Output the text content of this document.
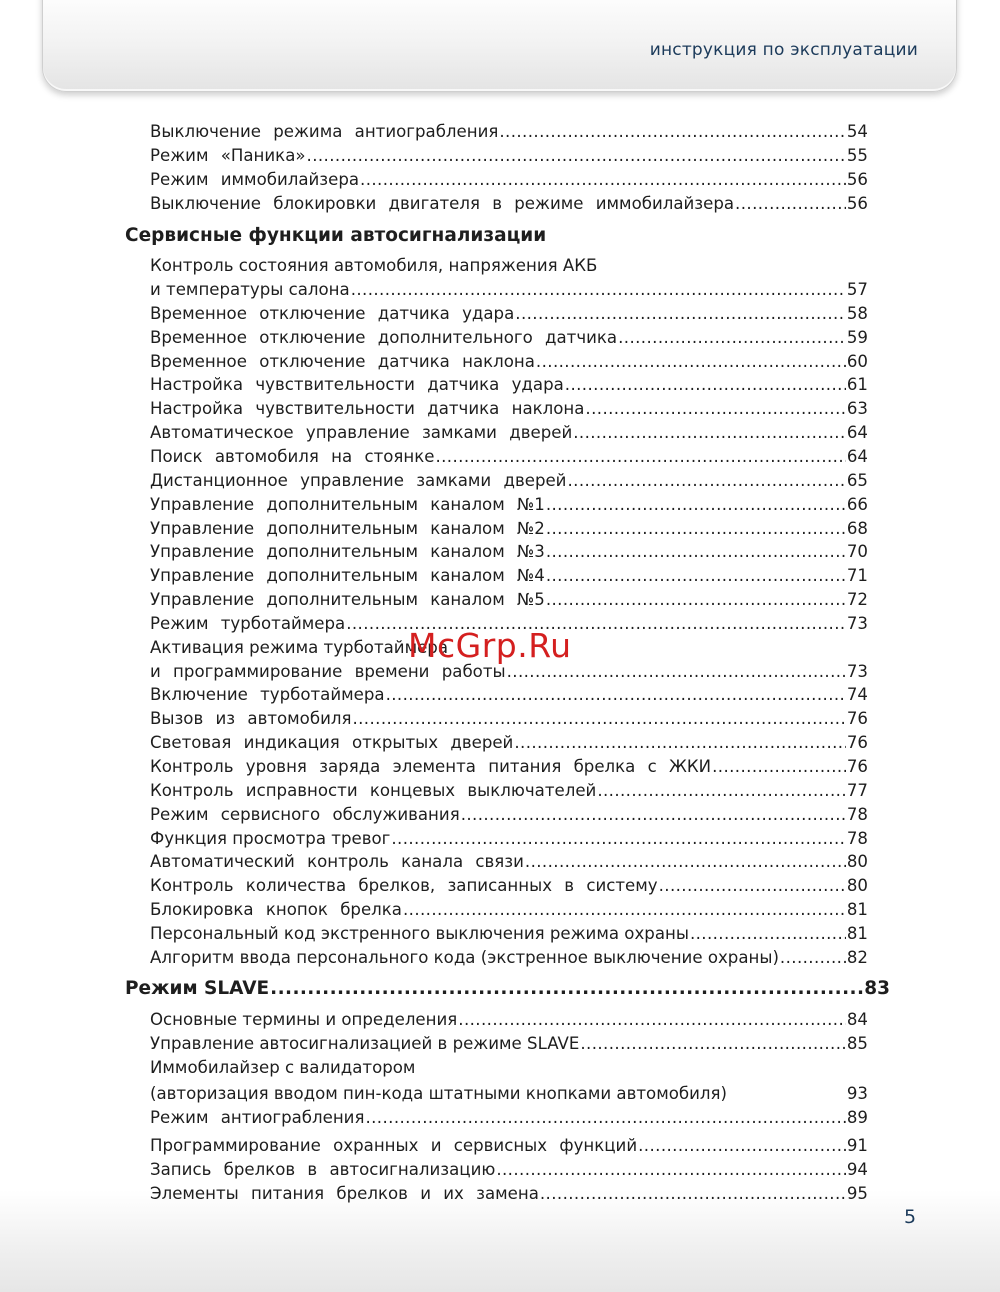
инструкция по эксплуатации
Выключение режима антиограбления .....	54
Режим «Паника» .....	55
Режим иммобилайзера .....	56
Выключение блокировки двигателя в режиме иммобилайзера .....	56
Сервисные функции автосигнализации
Контроль состояния автомобиля, напряжения АКБ
и температуры салона .....	57
Временное отключение датчика удара .....	58
Временное отключение дополнительного датчика .....	59
Временное отключение датчика наклона .....	60
Настройка чувствительности датчика удара .....	61
Настройка чувствительности датчика наклона .....	63
Автоматическое управление замками дверей .....	64
Поиск автомобиля на стоянке .....	64
Дистанционное управление замками дверей .....	65
Управление дополнительным каналом №1 .....	66
Управление дополнительным каналом №2 .....	68
Управление дополнительным каналом №3 .....	70
Управление дополнительным каналом №4 .....	71
Управление дополнительным каналом №5 .....	72
Режим турботаймера .....	73
Активация режима турботаймера
и программирование времени работы .....	73
Включение турботаймера .....	74
Вызов из автомобиля .....	76
Световая индикация открытых дверей .....	76
Контроль уровня заряда элемента питания брелка с ЖКИ .....	76
Контроль исправности концевых выключателей .....	77
Режим сервисного обслуживания .....	78
Функция просмотра тревог .....	78
Автоматический контроль канала связи .....	80
Контроль количества брелков, записанных в систему .....	80
Блокировка кнопок брелка .....	81
Персональный код экстренного выключения режима охраны .....	81
Алгоритм ввода персонального кода (экстренное выключение охраны) .....	82
Режим SLAVE .....	83
Основные термины и определения .....	84
Управление автосигнализацией в режиме SLAVE .....	85
Иммобилайзер с валидатором
(авторизация вводом пин-кода штатными кнопками автомобиля)	93
Режим антиограбления .....	89
Программирование охранных и сервисных функций .....	91
Запись брелков в автосигнализацию .....	94
Элементы питания брелков и их замена .....	95
McGrp.Ru
5
